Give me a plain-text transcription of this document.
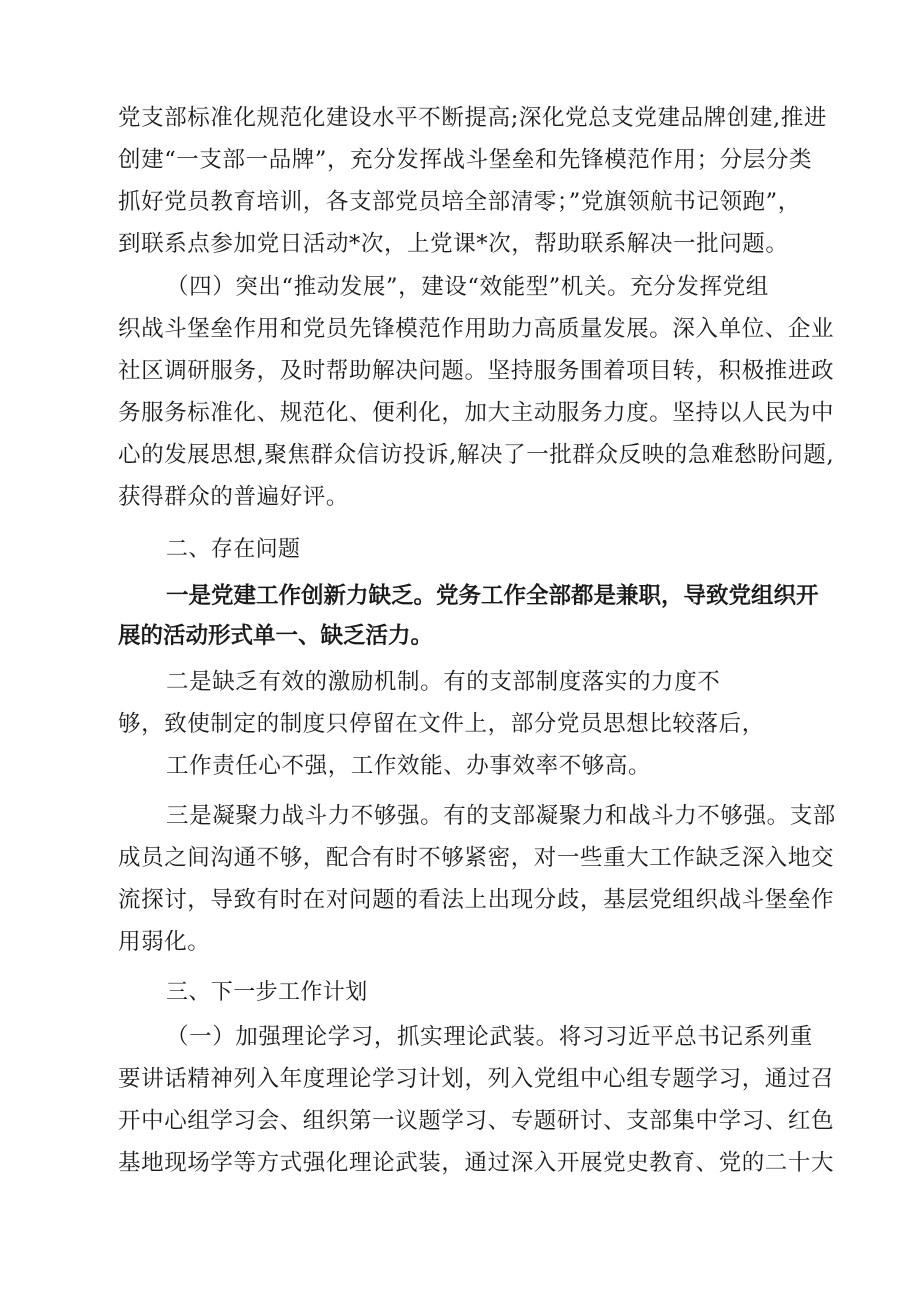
党支部标准化规范化建设水平不断提高;深化党总支党建品牌创建,推进
创建“一支部一品牌”，充分发挥战斗堡垒和先锋模范作用；分层分类
抓好党员教育培训，各支部党员培全部清零；”党旗领航书记领跑”，
到联系点参加党日活动*次，上党课*次，帮助联系解决一批问题。
（四）突出“推动发展”，建设“效能型”机关。充分发挥党组
织战斗堡垒作用和党员先锋模范作用助力高质量发展。深入单位、企业
社区调研服务，及时帮助解决问题。坚持服务围着项目转，积极推进政
务服务标准化、规范化、便利化，加大主动服务力度。坚持以人民为中
心的发展思想,聚焦群众信访投诉,解决了一批群众反映的急难愁盼问题,
获得群众的普遍好评。
二、存在问题
一是党建工作创新力缺乏。党务工作全部都是兼职，导致党组织开
展的活动形式单一、缺乏活力。
二是缺乏有效的激励机制。有的支部制度落实的力度不
够，致使制定的制度只停留在文件上，部分党员思想比较落后，
工作责任心不强，工作效能、办事效率不够高。
三是凝聚力战斗力不够强。有的支部凝聚力和战斗力不够强。支部
成员之间沟通不够，配合有时不够紧密，对一些重大工作缺乏深入地交
流探讨，导致有时在对问题的看法上出现分歧，基层党组织战斗堡垒作
用弱化。
三、下一步工作计划
（一）加强理论学习，抓实理论武装。将习习近平总书记系列重
要讲话精神列入年度理论学习计划，列入党组中心组专题学习，通过召
开中心组学习会、组织第一议题学习、专题研讨、支部集中学习、红色
基地现场学等方式强化理论武装，通过深入开展党史教育、党的二十大
